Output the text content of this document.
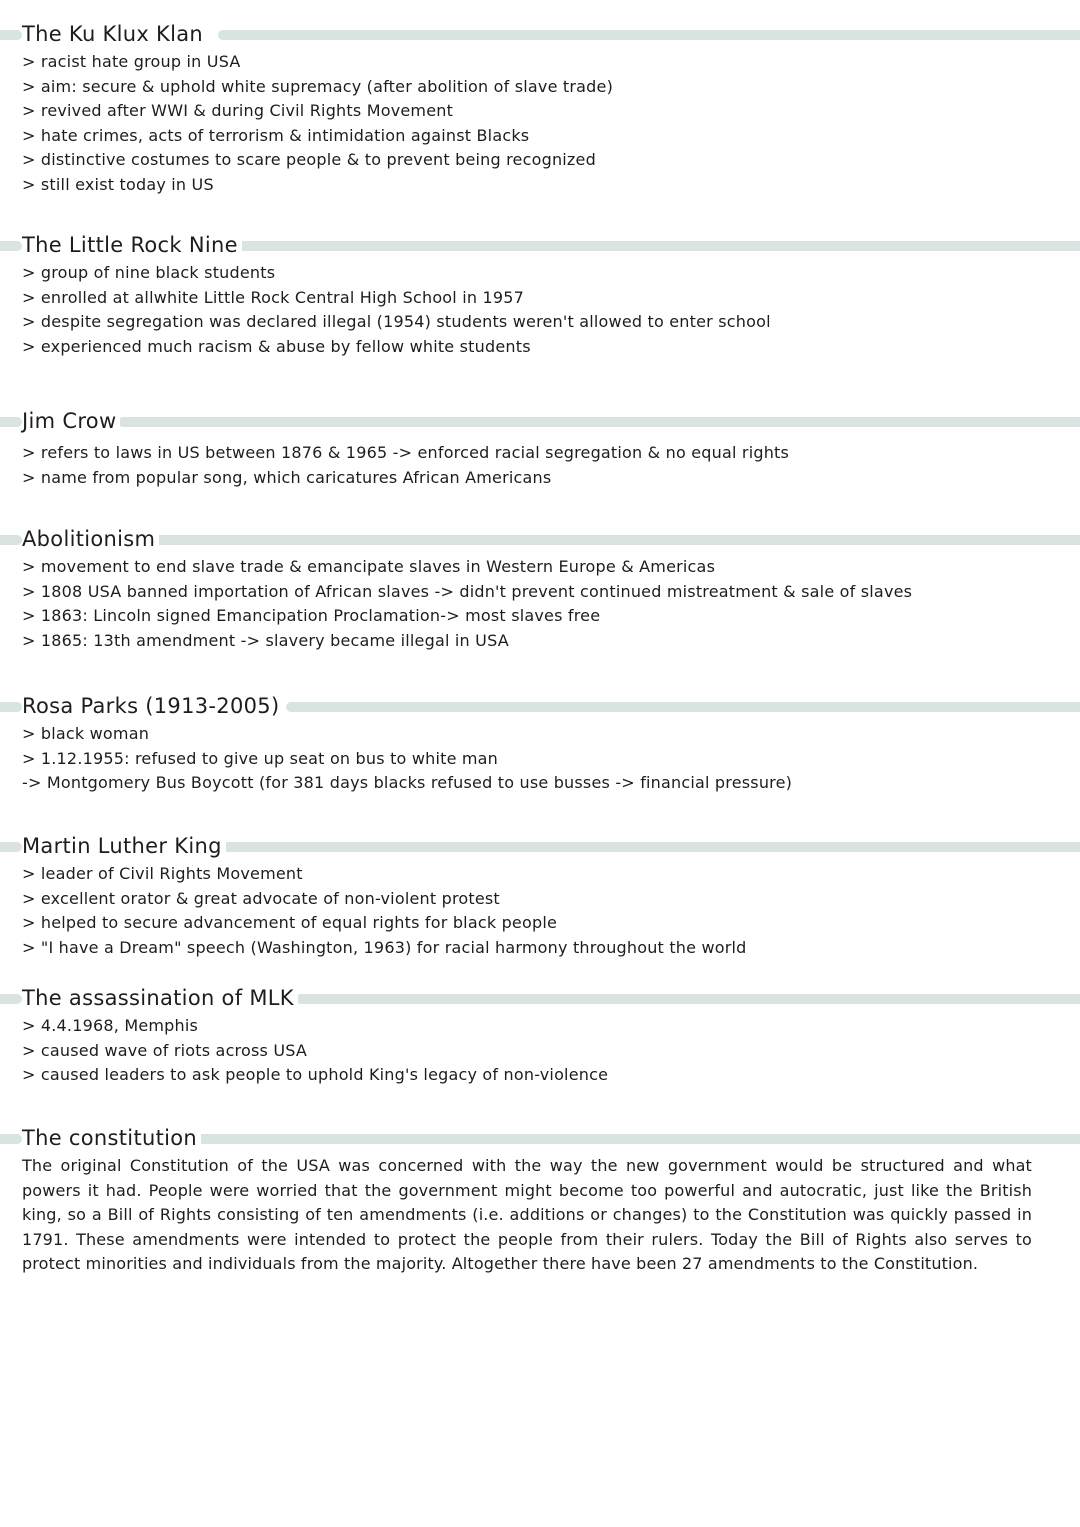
The Ku Klux Klan
> racist hate group in USA
> aim: secure & uphold white supremacy (after abolition of slave trade)
> revived after WWI & during Civil Rights Movement
> hate crimes, acts of terrorism & intimidation against Blacks
> distinctive costumes to scare people & to prevent being recognized
> still exist today in US
The Little Rock Nine
> group of nine black students
> enrolled at allwhite Little Rock Central High School in 1957
> despite segregation was declared illegal (1954) students weren't allowed to enter school
> experienced much racism & abuse by fellow white students
Jim Crow
> refers to laws in US between 1876 & 1965 -> enforced racial segregation & no equal rights
> name from popular song, which caricatures African Americans
Abolitionism
> movement to end slave trade & emancipate slaves in Western Europe & Americas
> 1808 USA banned importation of African slaves -> didn't prevent continued mistreatment & sale of slaves
> 1863: Lincoln signed Emancipation Proclamation-> most slaves free
> 1865: 13th amendment -> slavery became illegal in USA
Rosa Parks (1913-2005)
> black woman
> 1.12.1955: refused to give up seat on bus to white man
-> Montgomery Bus Boycott (for 381 days blacks refused to use busses -> financial pressure)
Martin Luther King
> leader of Civil Rights Movement
> excellent orator & great advocate of non-violent protest
> helped to secure advancement of equal rights for black people
> "I have a Dream" speech (Washington, 1963) for racial harmony throughout the world
The assassination of MLK
> 4.4.1968, Memphis
> caused wave of riots across USA
> caused leaders to ask people to uphold King's legacy of non-violence
The constitution

The original Constitution of the USA was concerned with the way the new government would be structured and what powers it had. People were worried that the government might become too powerful and autocratic, just like the British king, so a Bill of Rights consisting of ten amendments (i.e. additions or changes) to the Constitution was quickly passed in 1791. These amendments were intended to protect the people from their rulers. Today the Bill of Rights also serves to protect minorities and individuals from the majority. Altogether there have been 27 amendments to the Constitution.
